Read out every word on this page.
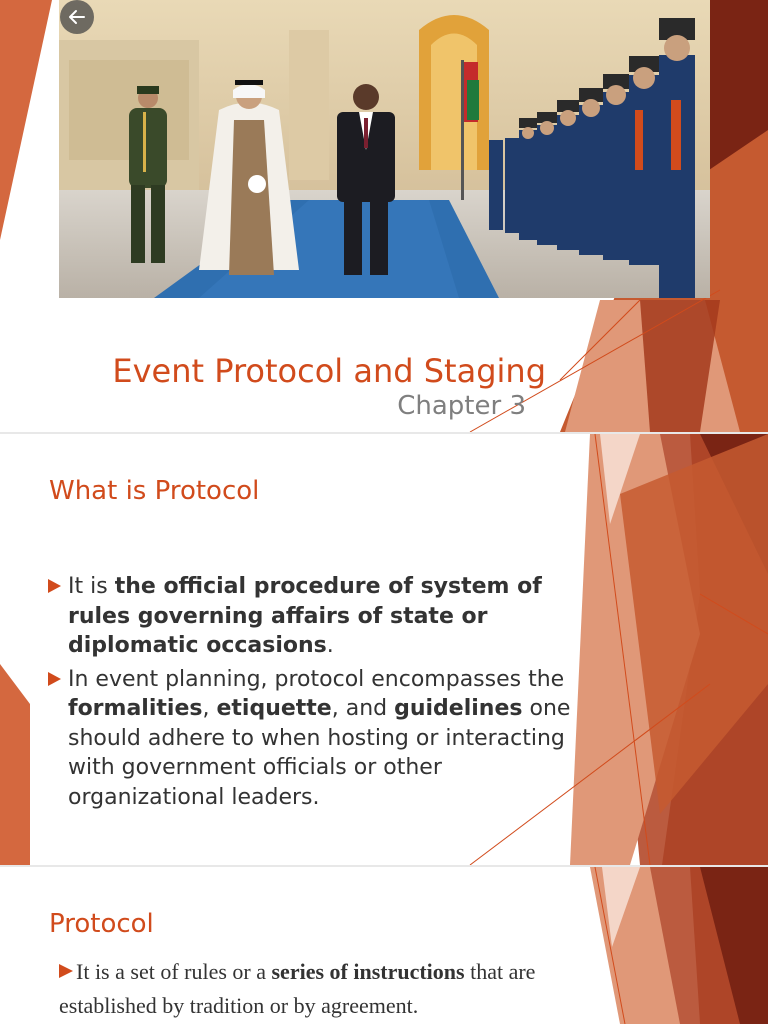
Event Protocol and Staging
Chapter 3
What is Protocol
It is the official procedure of system of rules governing affairs of state or diplomatic occasions.
In event planning, protocol encompasses the formalities, etiquette, and guidelines one should adhere to when hosting or interacting with government officials or other organizational leaders.
Protocol
It is a set of rules or a series of instructions that are established by tradition or by agreement.
